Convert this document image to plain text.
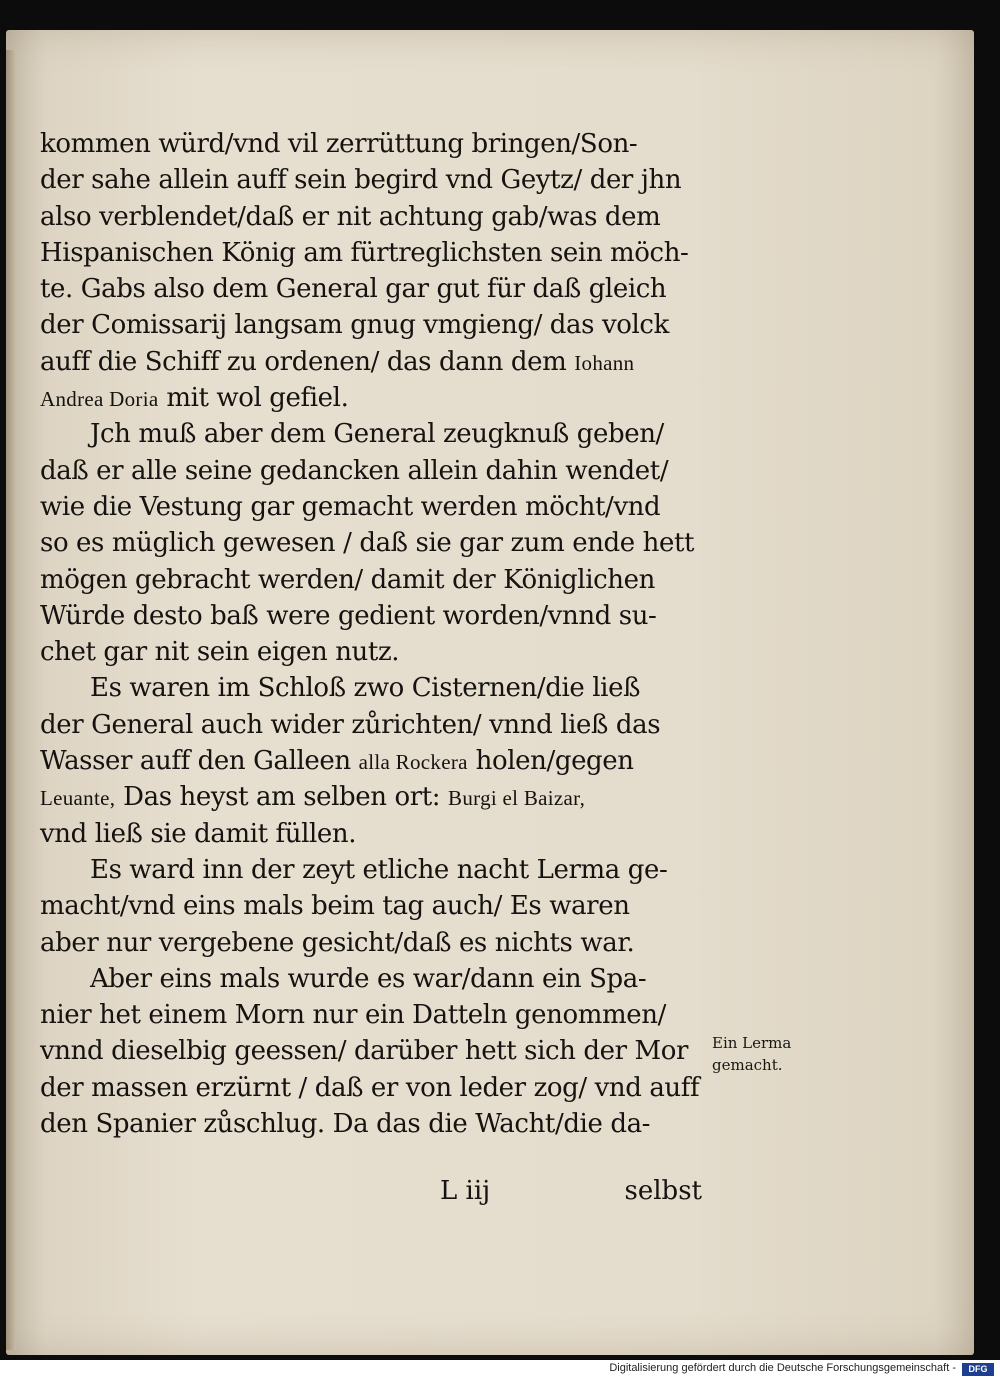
kommen würd/vnd vil zerrüttung bringen/Son-
der sahe allein auff sein begird vnd Geytz/ der jhn
also verblendet/daß er nit achtung gab/was dem
Hispanischen König am fürtreglichsten sein möch-
te. Gabs also dem General gar gut für daß gleich
der Comissarij langsam gnug vmgieng/ das volck
auff die Schiff zu ordenen/ das dann dem Iohann
Andrea Doria mit wol gefiel.
Jch muß aber dem General zeugknuß geben/
daß er alle seine gedancken allein dahin wendet/
wie die Vestung gar gemacht werden möcht/vnd
so es müglich gewesen / daß sie gar zum ende hett
mögen gebracht werden/ damit der Königlichen
Würde desto baß were gedient worden/vnnd su-
chet gar nit sein eigen nutz.
Es waren im Schloß zwo Cisternen/die ließ
der General auch wider zůrichten/ vnnd ließ das
Wasser auff den Galleen alla Rockera holen/gegen
Leuante, Das heyst am selben ort: Burgi el Baizar,
vnd ließ sie damit füllen.
Es ward inn der zeyt etliche nacht Lerma ge-
macht/vnd eins mals beim tag auch/ Es waren
aber nur vergebene gesicht/daß es nichts war.
Aber eins mals wurde es war/dann ein Spa-
nier het einem Morn nur ein Datteln genommen/
vnnd dieselbig geessen/ darüber hett sich der Mor
der massen erzürnt / daß er von leder zog/ vnd auff
den Spanier zůschlug. Da das die Wacht/die da-
Ein Lerma
gemacht.
L iij	selbst
Digitalisierung gefördert durch die Deutsche Forschungsgemeinschaft -	DFG
